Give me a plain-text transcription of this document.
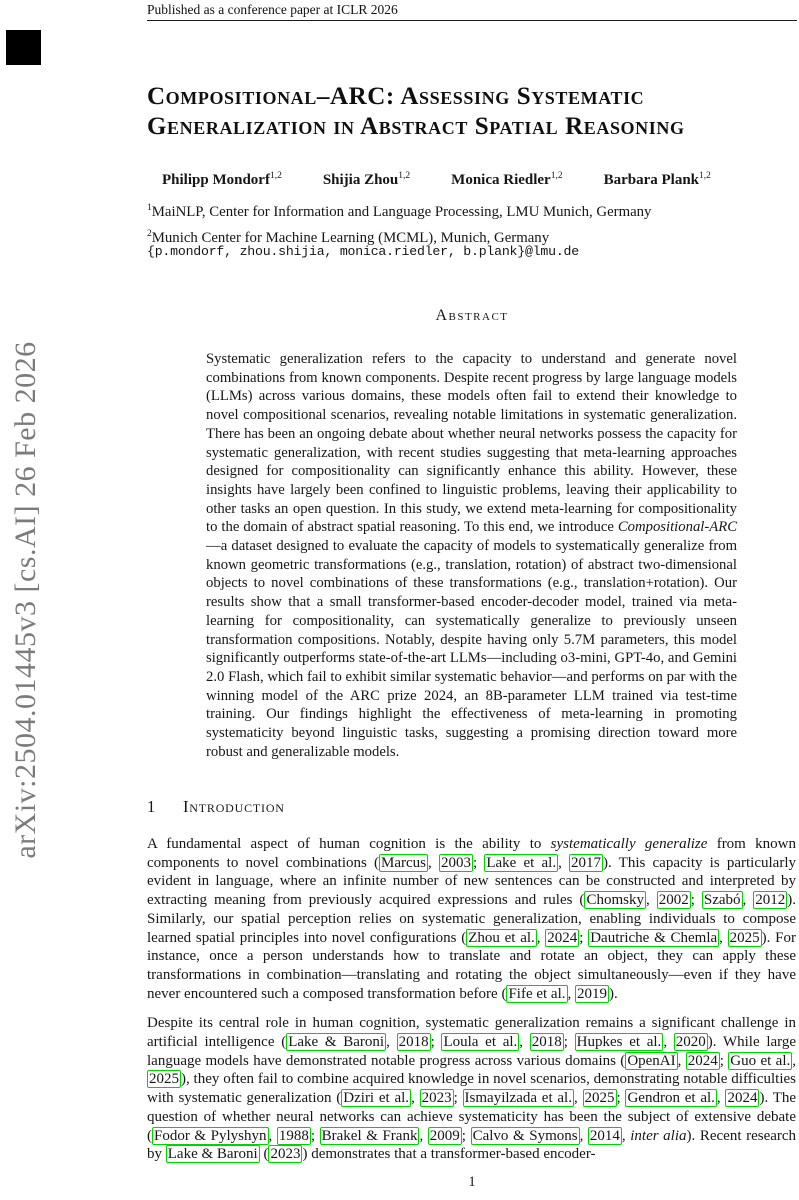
Published as a conference paper at ICLR 2026
arXiv:2504.01445v3 [cs.AI] 26 Feb 2026
Compositional–ARC: Assessing Systematic Generalization in Abstract Spatial Reasoning
Philipp Mondorf$^{1,2}$	Shijia Zhou$^{1,2}$	Monica Riedler$^{1,2}$	Barbara Plank$^{1,2}$
$^1$MaiNLP, Center for Information and Language Processing, LMU Munich, Germany
$^2$Munich Center for Machine Learning (MCML), Munich, Germany
{p.mondorf, zhou.shijia, monica.riedler, b.plank}@lmu.de
Abstract
Systematic generalization refers to the capacity to understand and generate novel combinations from known components. Despite recent progress by large language models (LLMs) across various domains, these models often fail to extend their knowledge to novel compositional scenarios, revealing notable limitations in systematic generalization. There has been an ongoing debate about whether neural networks possess the capacity for systematic generalization, with recent studies suggesting that meta-learning approaches designed for compositionality can significantly enhance this ability. However, these insights have largely been confined to linguistic problems, leaving their applicability to other tasks an open question. In this study, we extend meta-learning for compositionality to the domain of abstract spatial reasoning. To this end, we introduce Compositional-ARC—a dataset designed to evaluate the capacity of models to systematically generalize from known geometric transformations (e.g., translation, rotation) of abstract two-dimensional objects to novel combinations of these transformations (e.g., translation+rotation). Our results show that a small transformer-based encoder-decoder model, trained via meta-learning for compositionality, can systematically generalize to previously unseen transformation compositions. Notably, despite having only 5.7M parameters, this model significantly outperforms state-of-the-art LLMs—including o3-mini, GPT-4o, and Gemini 2.0 Flash, which fail to exhibit similar systematic behavior—and performs on par with the winning model of the ARC prize 2024, an 8B-parameter LLM trained via test-time training. Our findings highlight the effectiveness of meta-learning in promoting systematicity beyond linguistic tasks, suggesting a promising direction toward more robust and generalizable models.
1 Introduction

A fundamental aspect of human cognition is the ability to systematically generalize from known components to novel combinations ( Marcus , 2003 ; Lake et al. , 2017 ). This capacity is particularly evident in language, where an infinite number of new sentences can be constructed and interpreted by extracting meaning from previously acquired expressions and rules ( Chomsky , 2002 ; Szabó , 2012 ). Similarly, our spatial perception relies on systematic generalization, enabling individuals to compose learned spatial principles into novel configurations ( Zhou et al. , 2024 ; Dautriche & Chemla , 2025 ). For instance, once a person understands how to translate and rotate an object, they can apply these transformations in combination—translating and rotating the object simultaneously—even if they have never encountered such a composed transformation before ( Fife et al. , 2019 ).

Despite its central role in human cognition, systematic generalization remains a significant challenge in artificial intelligence ( Lake & Baroni , 2018 ; Loula et al. , 2018 ; Hupkes et al. , 2020 ). While large language models have demonstrated notable progress across various domains ( OpenAI , 2024 ; Guo et al. , 2025 ), they often fail to combine acquired knowledge in novel scenarios, demonstrating notable difficulties with systematic generalization ( Dziri et al. , 2023 ; Ismayilzada et al. , 2025 ; Gendron et al. , 2024 ). The question of whether neural networks can achieve systematicity has been the subject of extensive debate ( Fodor & Pylyshyn , 1988 ; Brakel & Frank , 2009 ; Calvo & Symons , 2014 , inter alia). Recent research by Lake & Baroni ( 2023 ) demonstrates that a transformer-based encoder-

1
